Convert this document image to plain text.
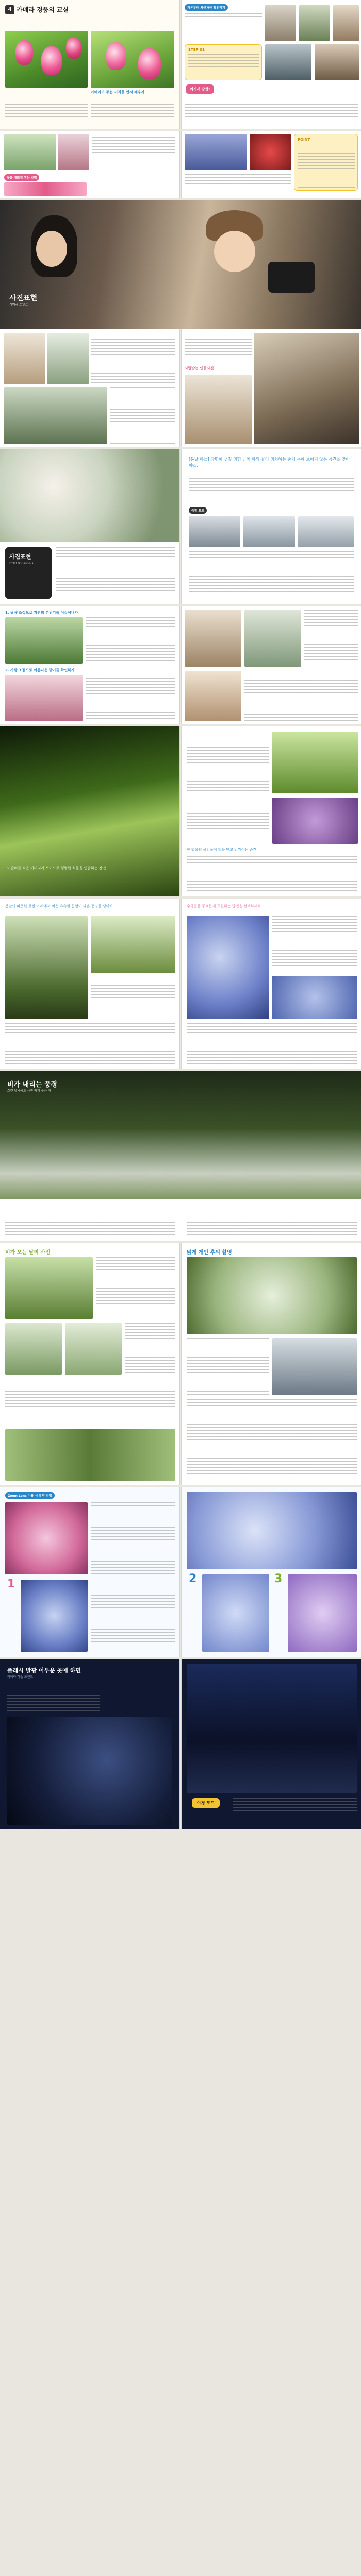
4 카메라 경품의 교실
카메라가 주는 기적을 먼저 배우자
기본부터 차근차근 확인하기
STEP 01
여기서 잠깐!
꽃을 예쁘게 찍는 방법
POINT
사진표현
카메라 포인트
사랑받는 인물사진
사진표현
카메라 학습 포인트 1
[봄날 하늘] 장면이 생길 위험 근처 하위 꽃이 위치하는 중에 눈에 보이지 않는 공간을 찾아야죠.
측광 모드
1. 광량 조절으로 자연의 분위기를 이끌어내자
2. 사광 조절으로 아름다운 밝기를 확인하자
이슬비를 찍은 이미지가 보이므로 평범한 식물을 연출하는 장면
한 방울의 물방울이 빛을 받고 반짝이는 순간
봄날의 따뜻한 햇살 아래에서 찍은 촉촉한 꽃잎이 나온 풍경을 담아요	수국꽃을 풍요롭게 표현하는 방법을 선택하세요
비가 내리는 풍경
흐린 날씨에도 사진 찍기 좋은 때
비가 오는 날의 사진	맑게 개인 후의 촬영
Zoom Lens 이용 시 촬영 방법
1	2	3
플래시 발광 어두운 곳에 하면
카메라 학습 포인트
야경 모드
